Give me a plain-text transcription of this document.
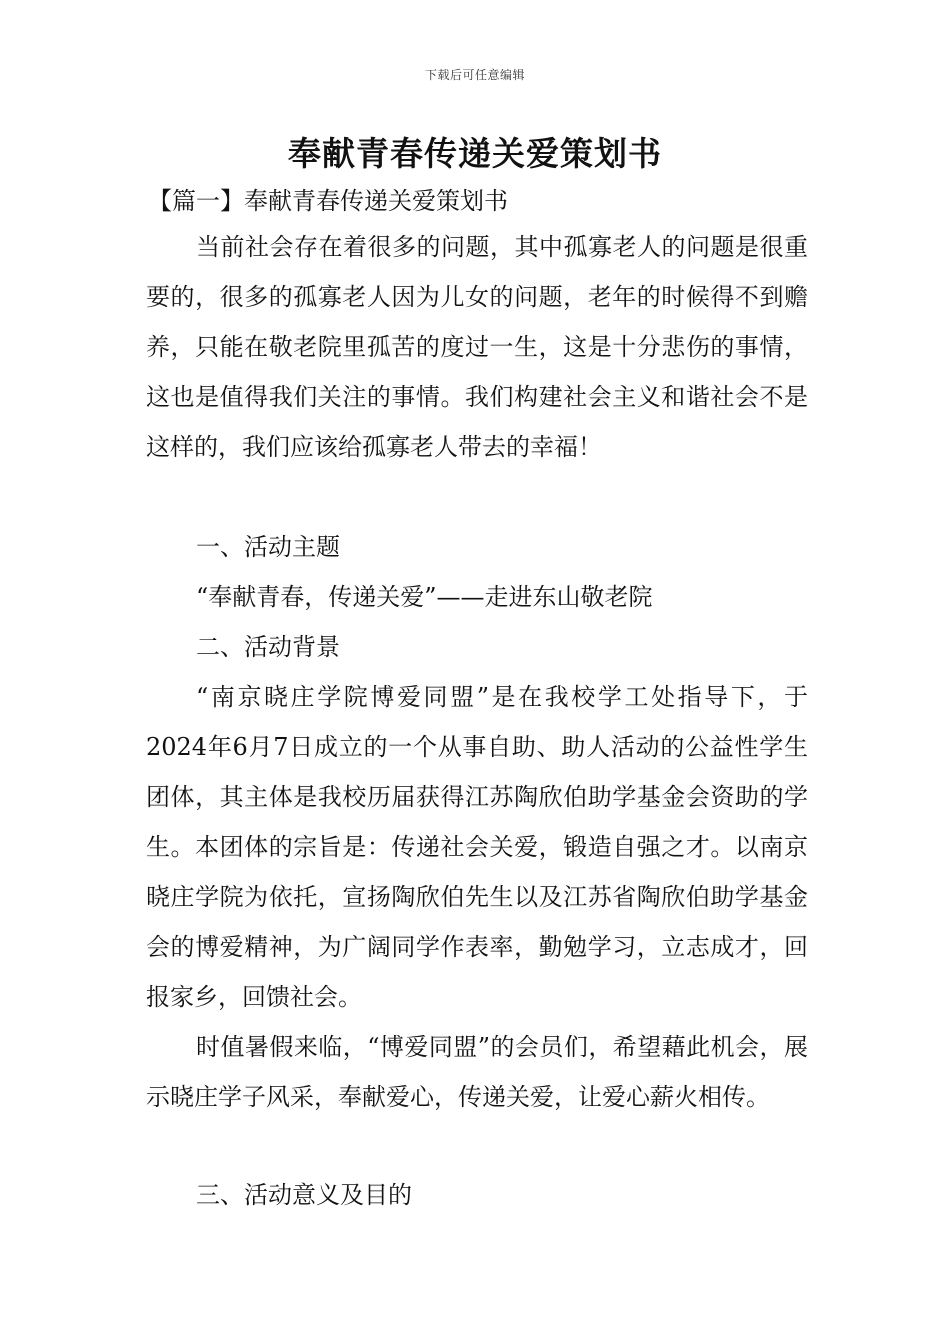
下载后可任意编辑
奉献青春传递关爱策划书

【篇一】奉献青春传递关爱策划书

当前社会存在着很多的问题，其中孤寡老人的问题是很重要的，很多的孤寡老人因为儿女的问题，老年的时候得不到赡养，只能在敬老院里孤苦的度过一生，这是十分悲伤的事情，这也是值得我们关注的事情。我们构建社会主义和谐社会不是这样的，我们应该给孤寡老人带去的幸福！

一、活动主题

“奉献青春，传递关爱”——走进东山敬老院

二、活动背景

“南京晓庄学院博爱同盟”是在我校学工处指导下，于2024年6月7日成立的一个从事自助、助人活动的公益性学生团体，其主体是我校历届获得江苏陶欣伯助学基金会资助的学生。本团体的宗旨是：传递社会关爱，锻造自强之才。以南京晓庄学院为依托，宣扬陶欣伯先生以及江苏省陶欣伯助学基金会的博爱精神，为广阔同学作表率，勤勉学习，立志成才，回报家乡，回馈社会。

时值暑假来临，“博爱同盟”的会员们，希望藉此机会，展示晓庄学子风采，奉献爱心，传递关爱，让爱心薪火相传。

三、活动意义及目的
